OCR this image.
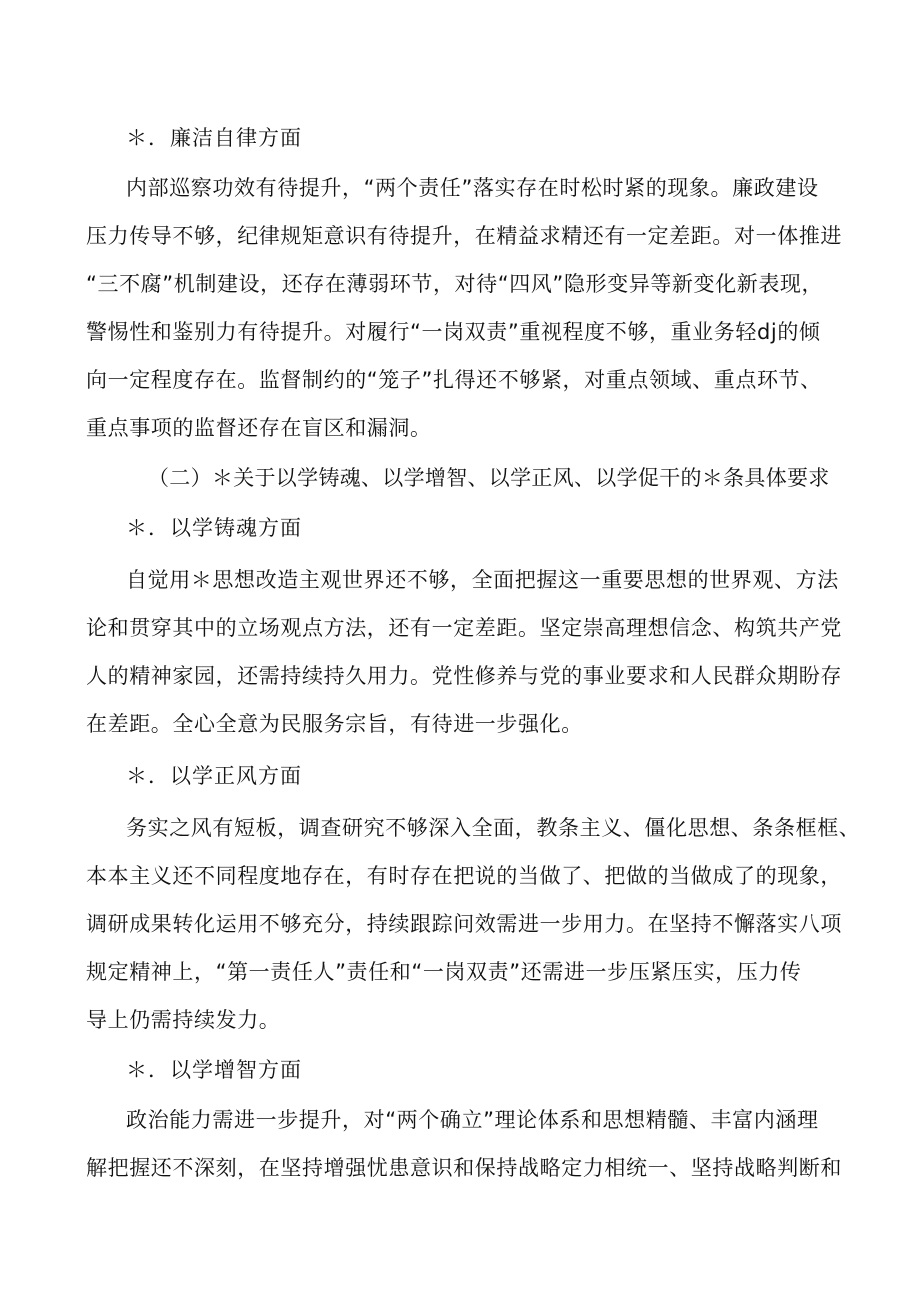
＊．廉洁自律方面
内部巡察功效有待提升，“两个责任”落实存在时松时紧的现象。廉政建设
压力传导不够，纪律规矩意识有待提升，在精益求精还有一定差距。对一体推进
“三不腐”机制建设，还存在薄弱环节，对待“四风”隐形变异等新变化新表现，
警惕性和鉴别力有待提升。对履行“一岗双责”重视程度不够，重业务轻dj的倾
向一定程度存在。监督制约的“笼子”扎得还不够紧，对重点领域、重点环节、
重点事项的监督还存在盲区和漏洞。
（二）＊关于以学铸魂、以学增智、以学正风、以学促干的＊条具体要求
＊．以学铸魂方面
自觉用＊思想改造主观世界还不够，全面把握这一重要思想的世界观、方法
论和贯穿其中的立场观点方法，还有一定差距。坚定崇高理想信念、构筑共产党
人的精神家园，还需持续持久用力。党性修养与党的事业要求和人民群众期盼存
在差距。全心全意为民服务宗旨，有待进一步强化。
＊．以学正风方面
务实之风有短板，调查研究不够深入全面，教条主义、僵化思想、条条框框、
本本主义还不同程度地存在，有时存在把说的当做了、把做的当做成了的现象，
调研成果转化运用不够充分，持续跟踪问效需进一步用力。在坚持不懈落实八项
规定精神上，“第一责任人”责任和“一岗双责”还需进一步压紧压实，压力传
导上仍需持续发力。
＊．以学增智方面
政治能力需进一步提升，对“两个确立”理论体系和思想精髓、丰富内涵理
解把握还不深刻，在坚持增强忧患意识和保持战略定力相统一、坚持战略判断和
